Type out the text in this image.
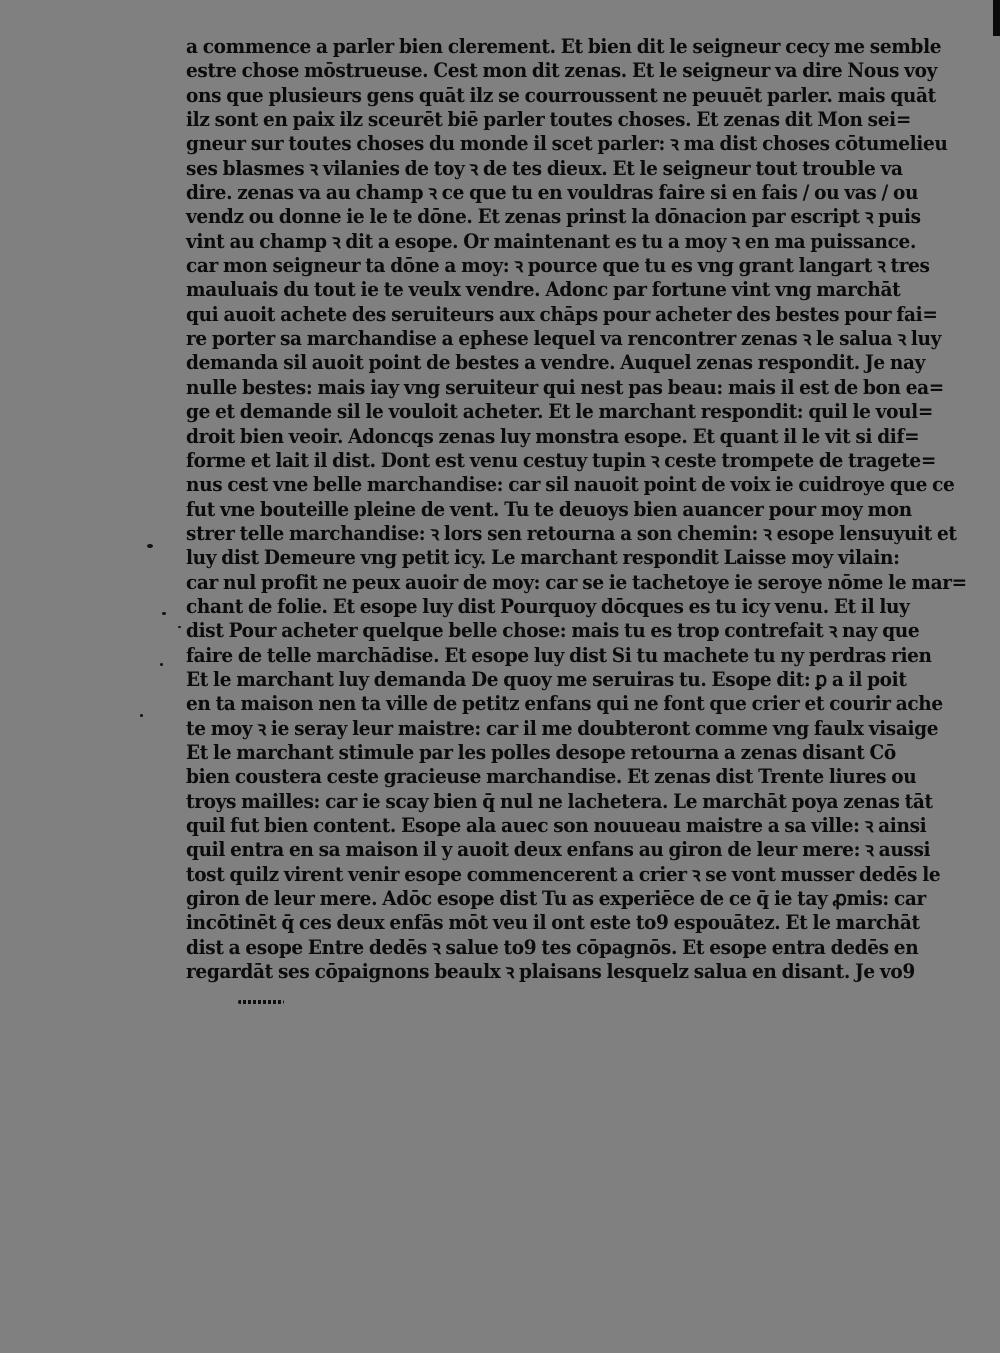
a commence a parler bien clerement. Et bien dit le seigneur cecy me semble
estre chose mōstrueuse. Cest mon dit zenas. Et le seigneur va dire Nous voy
ons que plusieurs gens quāt ilz se courroussent ne peuuēt parler. mais quāt
ilz sont en paix ilz sceurēt biē parler toutes choses. Et zenas dit Mon sei=
gneur sur toutes choses du monde il scet parler: ꝛ ma dist choses cōtumelieu
ses blasmes ꝛ vilanies de toy ꝛ de tes dieux. Et le seigneur tout trouble va
dire. zenas va au champ ꝛ ce que tu en vouldras faire si en fais / ou vas / ou
vendz ou donne ie le te dōne. Et zenas prinst la dōnacion par escript ꝛ puis
vint au champ ꝛ dit a esope. Or maintenant es tu a moy ꝛ en ma puissance.
car mon seigneur ta dōne a moy: ꝛ pource que tu es vng grant langart ꝛ tres
mauluais du tout ie te veulx vendre. Adonc par fortune vint vng marchāt
qui auoit achete des seruiteurs aux chāps pour acheter des bestes pour fai=
re porter sa marchandise a ephese lequel va rencontrer zenas ꝛ le salua ꝛ luy
demanda sil auoit point de bestes a vendre. Auquel zenas respondit. Je nay
nulle bestes: mais iay vng seruiteur qui nest pas beau: mais il est de bon ea=
ge et demande sil le vouloit acheter. Et le marchant respondit: quil le voul=
droit bien veoir. Adoncqs zenas luy monstra esope. Et quant il le vit si dif=
forme et lait il dist. Dont est venu cestuy tupin ꝛ ceste trompete de tragete=
nus cest vne belle marchandise: car sil nauoit point de voix ie cuidroye que ce
fut vne bouteille pleine de vent. Tu te deuoys bien auancer pour moy mon
strer telle marchandise: ꝛ lors sen retourna a son chemin: ꝛ esope lensuyuit et
luy dist Demeure vng petit icy. Le marchant respondit Laisse moy vilain:
car nul profit ne peux auoir de moy: car se ie tachetoye ie seroye nōme le mar=
chant de folie. Et esope luy dist Pourquoy dōcques es tu icy venu. Et il luy
dist Pour acheter quelque belle chose: mais tu es trop contrefait ꝛ nay que
faire de telle marchādise. Et esope luy dist Si tu machete tu ny perdras rien
Et le marchant luy demanda De quoy me seruiras tu. Esope dit: ꝑ a il poit
en ta maison nen ta ville de petitz enfans qui ne font que crier et courir ache
te moy ꝛ ie seray leur maistre: car il me doubteront comme vng faulx visaige
Et le marchant stimule par les polles desope retourna a zenas disant Cō
bien coustera ceste gracieuse marchandise. Et zenas dist Trente liures ou
troys mailles: car ie scay bien q̄ nul ne lachetera. Le marchāt poya zenas tāt
quil fut bien content. Esope ala auec son nouueau maistre a sa ville: ꝛ ainsi
quil entra en sa maison il y auoit deux enfans au giron de leur mere: ꝛ aussi
tost quilz virent venir esope commencerent a crier ꝛ se vont musser dedēs le
giron de leur mere. Adōc esope dist Tu as experiēce de ce q̄ ie tay ꝓmis: car
incōtinēt q̄ ces deux enfās mōt veu il ont este to9 espouātez. Et le marchāt
dist a esope Entre dedēs ꝛ salue to9 tes cōpagnōs. Et esope entra dedēs en
regardāt ses cōpaignons beaulx ꝛ plaisans lesquelz salua en disant. Je vo9
